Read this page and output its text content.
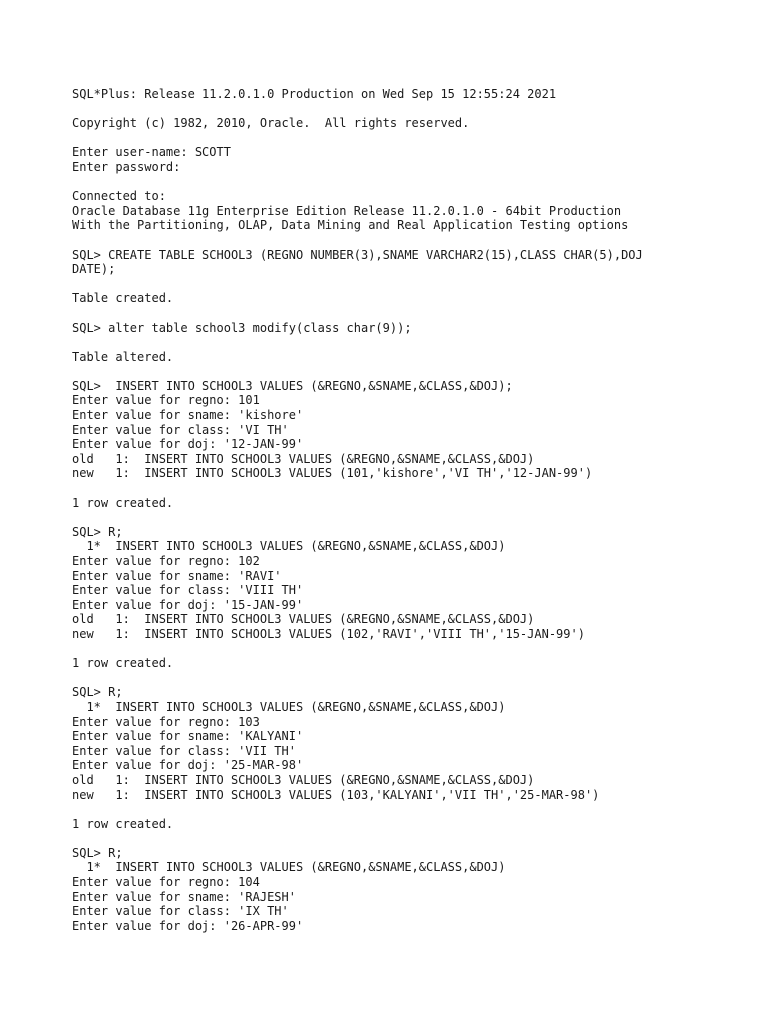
SQL*Plus: Release 11.2.0.1.0 Production on Wed Sep 15 12:55:24 2021
Copyright (c) 1982, 2010, Oracle.  All rights reserved.
Enter user-name: SCOTT
Enter password:
Connected to:
Oracle Database 11g Enterprise Edition Release 11.2.0.1.0 - 64bit Production
With the Partitioning, OLAP, Data Mining and Real Application Testing options
SQL> CREATE TABLE SCHOOL3 (REGNO NUMBER(3),SNAME VARCHAR2(15),CLASS CHAR(5),DOJ
DATE);
Table created.
SQL> alter table school3 modify(class char(9));
Table altered.
SQL>  INSERT INTO SCHOOL3 VALUES (&REGNO,&SNAME,&CLASS,&DOJ);
Enter value for regno: 101
Enter value for sname: 'kishore'
Enter value for class: 'VI TH'
Enter value for doj: '12-JAN-99'
old   1:  INSERT INTO SCHOOL3 VALUES (&REGNO,&SNAME,&CLASS,&DOJ)
new   1:  INSERT INTO SCHOOL3 VALUES (101,'kishore','VI TH','12-JAN-99')
1 row created.
SQL> R;
1*  INSERT INTO SCHOOL3 VALUES (&REGNO,&SNAME,&CLASS,&DOJ)
Enter value for regno: 102
Enter value for sname: 'RAVI'
Enter value for class: 'VIII TH'
Enter value for doj: '15-JAN-99'
old   1:  INSERT INTO SCHOOL3 VALUES (&REGNO,&SNAME,&CLASS,&DOJ)
new   1:  INSERT INTO SCHOOL3 VALUES (102,'RAVI','VIII TH','15-JAN-99')
1 row created.
SQL> R;
1*  INSERT INTO SCHOOL3 VALUES (&REGNO,&SNAME,&CLASS,&DOJ)
Enter value for regno: 103
Enter value for sname: 'KALYANI'
Enter value for class: 'VII TH'
Enter value for doj: '25-MAR-98'
old   1:  INSERT INTO SCHOOL3 VALUES (&REGNO,&SNAME,&CLASS,&DOJ)
new   1:  INSERT INTO SCHOOL3 VALUES (103,'KALYANI','VII TH','25-MAR-98')
1 row created.
SQL> R;
1*  INSERT INTO SCHOOL3 VALUES (&REGNO,&SNAME,&CLASS,&DOJ)
Enter value for regno: 104
Enter value for sname: 'RAJESH'
Enter value for class: 'IX TH'
Enter value for doj: '26-APR-99'
